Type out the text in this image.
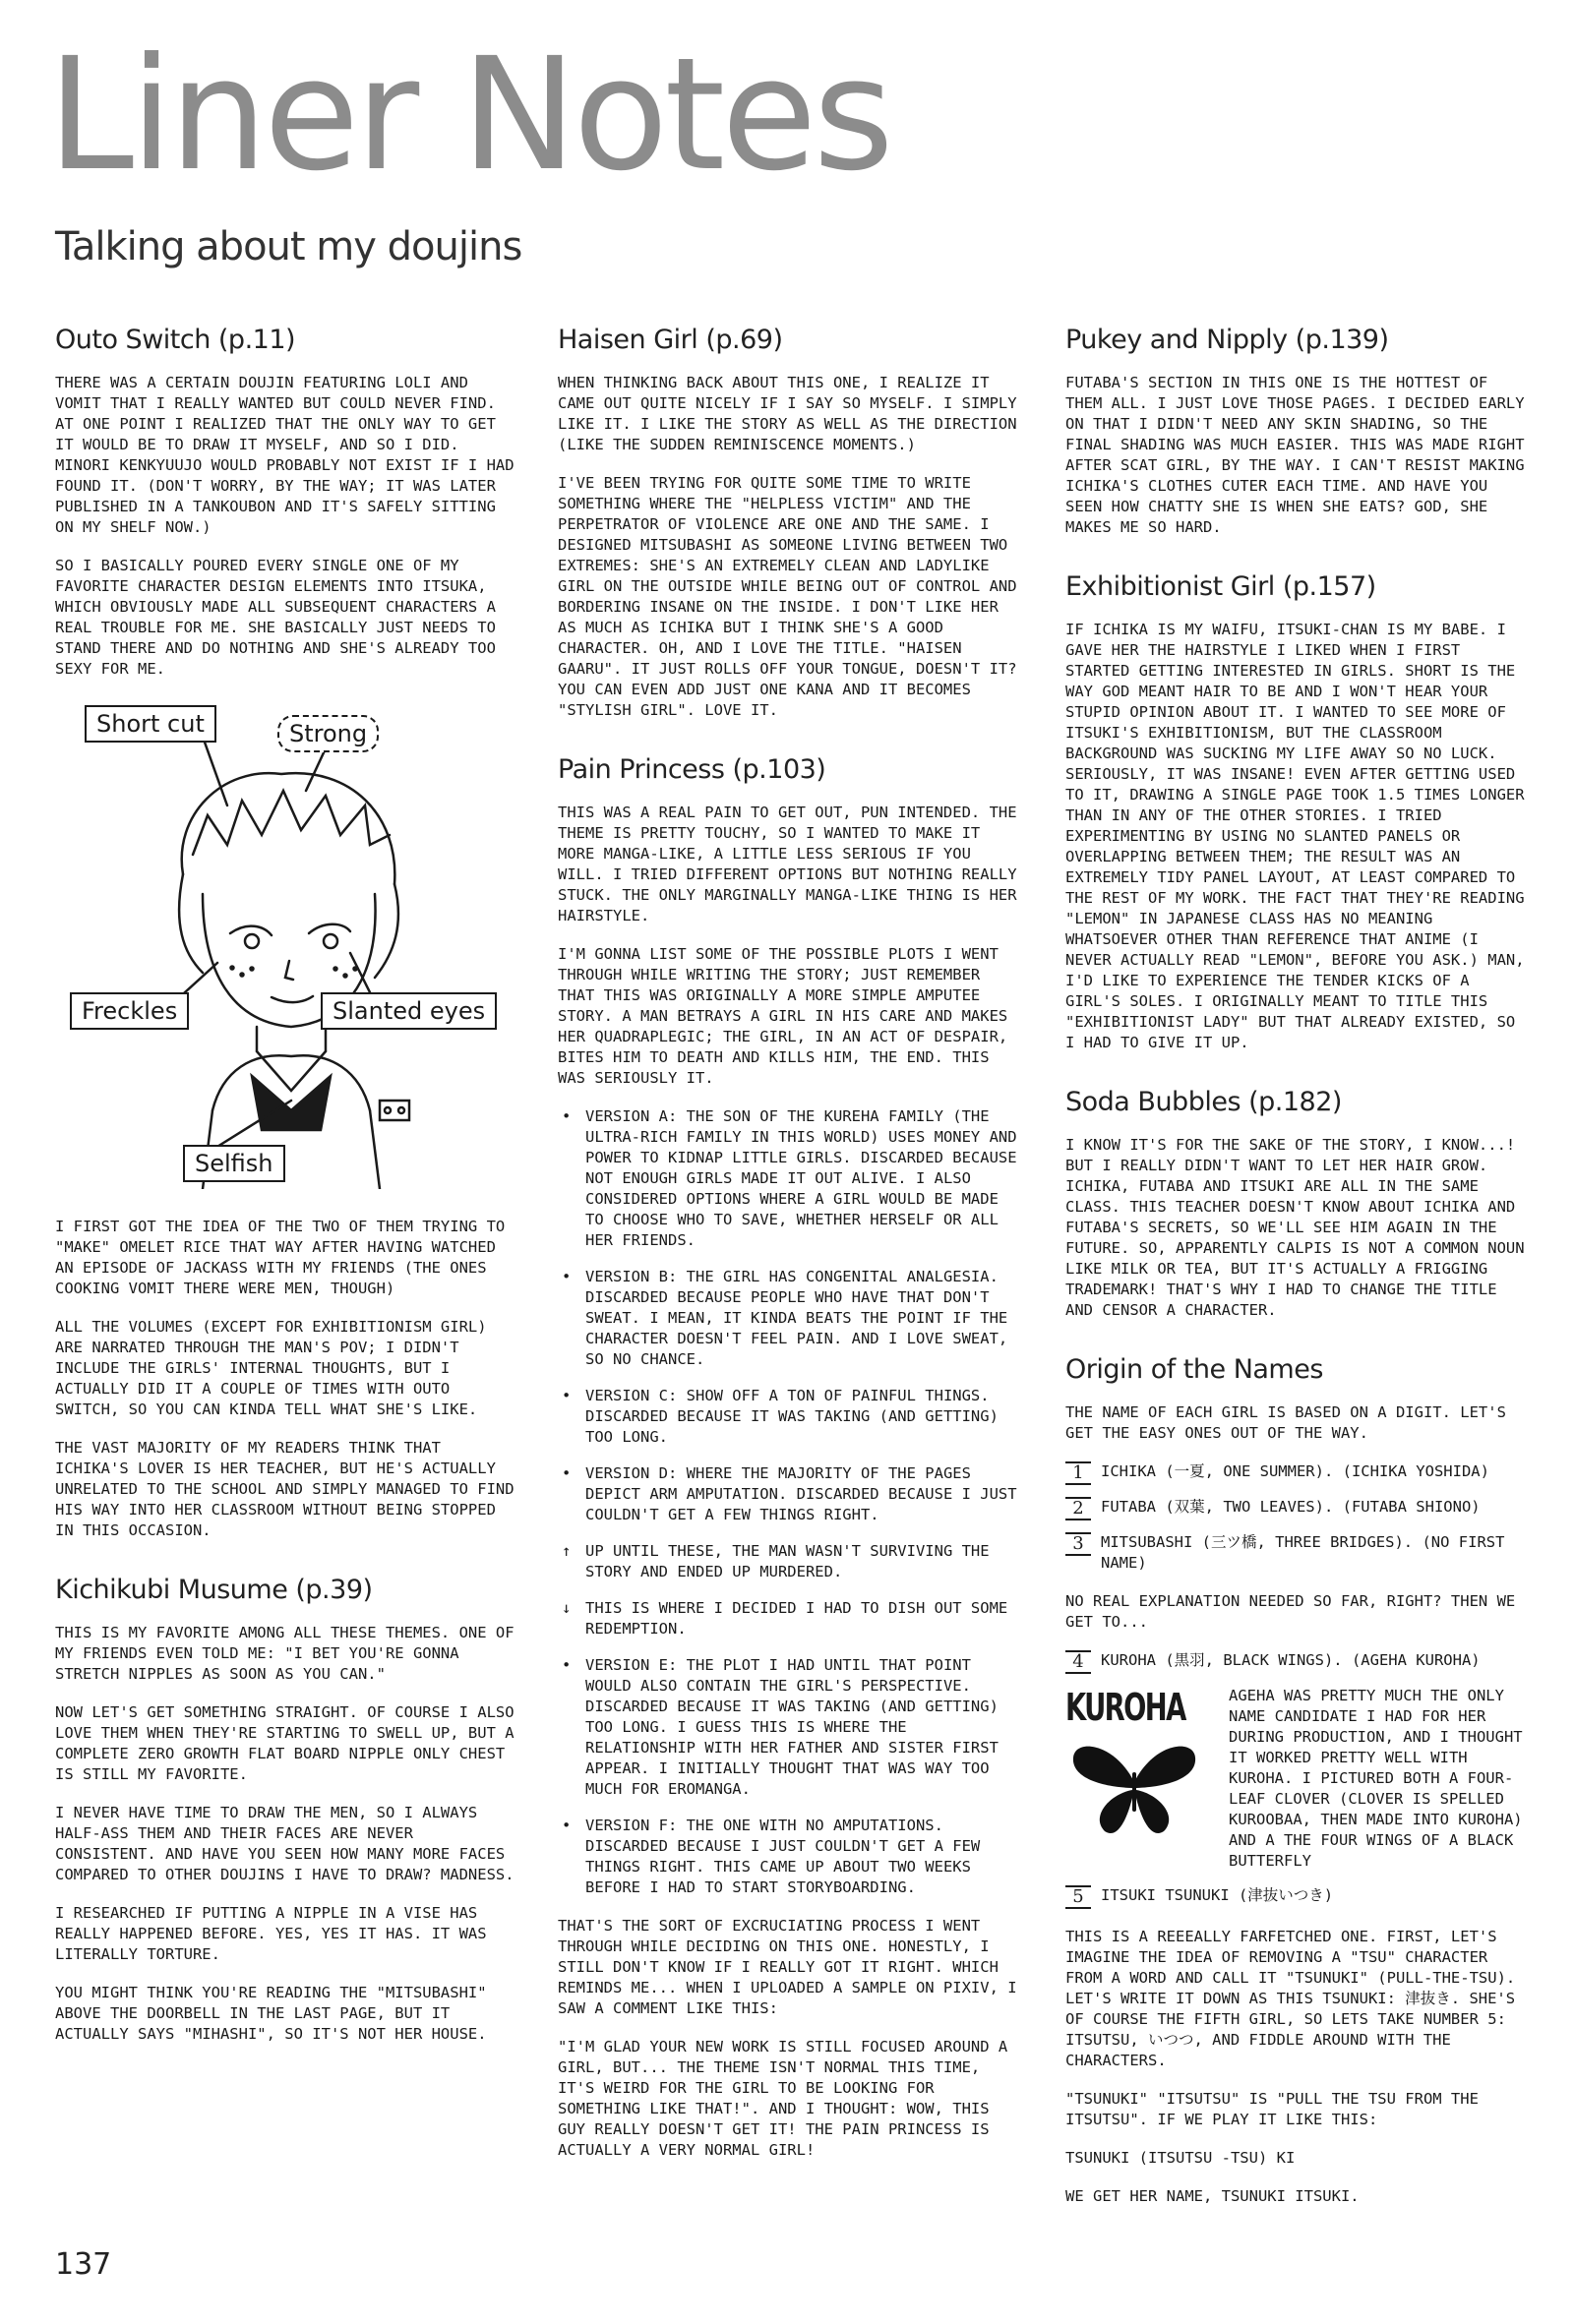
Liner Notes
Talking about my doujins
Outo Switch (p.11)

THERE WAS A CERTAIN DOUJIN FEATURING LOLI AND VOMIT THAT I REALLY WANTED BUT COULD NEVER FIND. AT ONE POINT I REALIZED THAT THE ONLY WAY TO GET IT WOULD BE TO DRAW IT MYSELF, AND SO I DID. MINORI KENKYUUJO WOULD PROBABLY NOT EXIST IF I HAD FOUND IT. (DON'T WORRY, BY THE WAY; IT WAS LATER PUBLISHED IN A TANKOUBON AND IT'S SAFELY SITTING ON MY SHELF NOW.)

SO I BASICALLY POURED EVERY SINGLE ONE OF MY FAVORITE CHARACTER DESIGN ELEMENTS INTO ITSUKA, WHICH OBVIOUSLY MADE ALL SUBSEQUENT CHARACTERS A REAL TROUBLE FOR ME. SHE BASICALLY JUST NEEDS TO STAND THERE AND DO NOTHING AND SHE'S ALREADY TOO SEXY FOR ME.

Short cut	Strong
Freckles	Slanted eyes
Selfish

I FIRST GOT THE IDEA OF THE TWO OF THEM TRYING TO "MAKE" OMELET RICE THAT WAY AFTER HAVING WATCHED AN EPISODE OF JACKASS WITH MY FRIENDS (THE ONES COOKING VOMIT THERE WERE MEN, THOUGH)

ALL THE VOLUMES (EXCEPT FOR EXHIBITIONISM GIRL) ARE NARRATED THROUGH THE MAN'S POV; I DIDN'T INCLUDE THE GIRLS' INTERNAL THOUGHTS, BUT I ACTUALLY DID IT A COUPLE OF TIMES WITH OUTO SWITCH, SO YOU CAN KINDA TELL WHAT SHE'S LIKE.

THE VAST MAJORITY OF MY READERS THINK THAT ICHIKA'S LOVER IS HER TEACHER, BUT HE'S ACTUALLY UNRELATED TO THE SCHOOL AND SIMPLY MANAGED TO FIND HIS WAY INTO HER CLASSROOM WITHOUT BEING STOPPED IN THIS OCCASION.

Kichikubi Musume (p.39)

THIS IS MY FAVORITE AMONG ALL THESE THEMES. ONE OF MY FRIENDS EVEN TOLD ME: "I BET YOU'RE GONNA STRETCH NIPPLES AS SOON AS YOU CAN."

NOW LET'S GET SOMETHING STRAIGHT. OF COURSE I ALSO LOVE THEM WHEN THEY'RE STARTING TO SWELL UP, BUT A COMPLETE ZERO GROWTH FLAT BOARD NIPPLE ONLY CHEST IS STILL MY FAVORITE.

I NEVER HAVE TIME TO DRAW THE MEN, SO I ALWAYS HALF-ASS THEM AND THEIR FACES ARE NEVER CONSISTENT. AND HAVE YOU SEEN HOW MANY MORE FACES COMPARED TO OTHER DOUJINS I HAVE TO DRAW? MADNESS.

I RESEARCHED IF PUTTING A NIPPLE IN A VISE HAS REALLY HAPPENED BEFORE. YES, YES IT HAS. IT WAS LITERALLY TORTURE.

YOU MIGHT THINK YOU'RE READING THE "MITSUBASHI" ABOVE THE DOORBELL IN THE LAST PAGE, BUT IT ACTUALLY SAYS "MIHASHI", SO IT'S NOT HER HOUSE.

Haisen Girl (p.69)

WHEN THINKING BACK ABOUT THIS ONE, I REALIZE IT CAME OUT QUITE NICELY IF I SAY SO MYSELF. I SIMPLY LIKE IT. I LIKE THE STORY AS WELL AS THE DIRECTION (LIKE THE SUDDEN REMINISCENCE MOMENTS.)

I'VE BEEN TRYING FOR QUITE SOME TIME TO WRITE SOMETHING WHERE THE "HELPLESS VICTIM" AND THE PERPETRATOR OF VIOLENCE ARE ONE AND THE SAME. I DESIGNED MITSUBASHI AS SOMEONE LIVING BETWEEN TWO EXTREMES: SHE'S AN EXTREMELY CLEAN AND LADYLIKE GIRL ON THE OUTSIDE WHILE BEING OUT OF CONTROL AND BORDERING INSANE ON THE INSIDE. I DON'T LIKE HER AS MUCH AS ICHIKA BUT I THINK SHE'S A GOOD CHARACTER. OH, AND I LOVE THE TITLE. "HAISEN GAARU". IT JUST ROLLS OFF YOUR TONGUE, DOESN'T IT? YOU CAN EVEN ADD JUST ONE KANA AND IT BECOMES "STYLISH GIRL". LOVE IT.

Pain Princess (p.103)

THIS WAS A REAL PAIN TO GET OUT, PUN INTENDED. THE THEME IS PRETTY TOUCHY, SO I WANTED TO MAKE IT MORE MANGA-LIKE, A LITTLE LESS SERIOUS IF YOU WILL. I TRIED DIFFERENT OPTIONS BUT NOTHING REALLY STUCK. THE ONLY MARGINALLY MANGA-LIKE THING IS HER HAIRSTYLE.

I'M GONNA LIST SOME OF THE POSSIBLE PLOTS I WENT THROUGH WHILE WRITING THE STORY; JUST REMEMBER THAT THIS WAS ORIGINALLY A MORE SIMPLE AMPUTEE STORY. A MAN BETRAYS A GIRL IN HIS CARE AND MAKES HER QUADRAPLEGIC; THE GIRL, IN AN ACT OF DESPAIR, BITES HIM TO DEATH AND KILLS HIM, THE END. THIS WAS SERIOUSLY IT.

• VERSION A: THE SON OF THE KUREHA FAMILY (THE ULTRA-RICH FAMILY IN THIS WORLD) USES MONEY AND POWER TO KIDNAP LITTLE GIRLS. DISCARDED BECAUSE NOT ENOUGH GIRLS MADE IT OUT ALIVE. I ALSO CONSIDERED OPTIONS WHERE A GIRL WOULD BE MADE TO CHOOSE WHO TO SAVE, WHETHER HERSELF OR ALL HER FRIENDS.
• VERSION B: THE GIRL HAS CONGENITAL ANALGESIA. DISCARDED BECAUSE PEOPLE WHO HAVE THAT DON'T SWEAT. I MEAN, IT KINDA BEATS THE POINT IF THE CHARACTER DOESN'T FEEL PAIN. AND I LOVE SWEAT, SO NO CHANCE.
• VERSION C: SHOW OFF A TON OF PAINFUL THINGS. DISCARDED BECAUSE IT WAS TAKING (AND GETTING) TOO LONG.
• VERSION D: WHERE THE MAJORITY OF THE PAGES DEPICT ARM AMPUTATION. DISCARDED BECAUSE I JUST COULDN'T GET A FEW THINGS RIGHT.
↑ UP UNTIL THESE, THE MAN WASN'T SURVIVING THE STORY AND ENDED UP MURDERED.
↓ THIS IS WHERE I DECIDED I HAD TO DISH OUT SOME REDEMPTION.
• VERSION E: THE PLOT I HAD UNTIL THAT POINT WOULD ALSO CONTAIN THE GIRL'S PERSPECTIVE. DISCARDED BECAUSE IT WAS TAKING (AND GETTING) TOO LONG. I GUESS THIS IS WHERE THE RELATIONSHIP WITH HER FATHER AND SISTER FIRST APPEAR. I INITIALLY THOUGHT THAT WAS WAY TOO MUCH FOR EROMANGA.
• VERSION F: THE ONE WITH NO AMPUTATIONS. DISCARDED BECAUSE I JUST COULDN'T GET A FEW THINGS RIGHT. THIS CAME UP ABOUT TWO WEEKS BEFORE I HAD TO START STORYBOARDING.

THAT'S THE SORT OF EXCRUCIATING PROCESS I WENT THROUGH WHILE DECIDING ON THIS ONE. HONESTLY, I STILL DON'T KNOW IF I REALLY GOT IT RIGHT. WHICH REMINDS ME... WHEN I UPLOADED A SAMPLE ON PIXIV, I SAW A COMMENT LIKE THIS:

"I'M GLAD YOUR NEW WORK IS STILL FOCUSED AROUND A GIRL, BUT... THE THEME ISN'T NORMAL THIS TIME, IT'S WEIRD FOR THE GIRL TO BE LOOKING FOR SOMETHING LIKE THAT!". AND I THOUGHT: WOW, THIS GUY REALLY DOESN'T GET IT! THE PAIN PRINCESS IS ACTUALLY A VERY NORMAL GIRL!

Pukey and Nipply (p.139)

FUTABA'S SECTION IN THIS ONE IS THE HOTTEST OF THEM ALL. I JUST LOVE THOSE PAGES. I DECIDED EARLY ON THAT I DIDN'T NEED ANY SKIN SHADING, SO THE FINAL SHADING WAS MUCH EASIER. THIS WAS MADE RIGHT AFTER SCAT GIRL, BY THE WAY. I CAN'T RESIST MAKING ICHIKA'S CLOTHES CUTER EACH TIME. AND HAVE YOU SEEN HOW CHATTY SHE IS WHEN SHE EATS? GOD, SHE MAKES ME SO HARD.

Exhibitionist Girl (p.157)

IF ICHIKA IS MY WAIFU, ITSUKI-CHAN IS MY BABE. I GAVE HER THE HAIRSTYLE I LIKED WHEN I FIRST STARTED GETTING INTERESTED IN GIRLS. SHORT IS THE WAY GOD MEANT HAIR TO BE AND I WON'T HEAR YOUR STUPID OPINION ABOUT IT. I WANTED TO SEE MORE OF ITSUKI'S EXHIBITIONISM, BUT THE CLASSROOM BACKGROUND WAS SUCKING MY LIFE AWAY SO NO LUCK. SERIOUSLY, IT WAS INSANE! EVEN AFTER GETTING USED TO IT, DRAWING A SINGLE PAGE TOOK 1.5 TIMES LONGER THAN IN ANY OF THE OTHER STORIES. I TRIED EXPERIMENTING BY USING NO SLANTED PANELS OR OVERLAPPING BETWEEN THEM; THE RESULT WAS AN EXTREMELY TIDY PANEL LAYOUT, AT LEAST COMPARED TO THE REST OF MY WORK. THE FACT THAT THEY'RE READING "LEMON" IN JAPANESE CLASS HAS NO MEANING WHATSOEVER OTHER THAN REFERENCE THAT ANIME (I NEVER ACTUALLY READ "LEMON", BEFORE YOU ASK.) MAN, I'D LIKE TO EXPERIENCE THE TENDER KICKS OF A GIRL'S SOLES. I ORIGINALLY MEANT TO TITLE THIS "EXHIBITIONIST LADY" BUT THAT ALREADY EXISTED, SO I HAD TO GIVE IT UP.

Soda Bubbles (p.182)

I KNOW IT'S FOR THE SAKE OF THE STORY, I KNOW...! BUT I REALLY DIDN'T WANT TO LET HER HAIR GROW. ICHIKA, FUTABA AND ITSUKI ARE ALL IN THE SAME CLASS. THIS TEACHER DOESN'T KNOW ABOUT ICHIKA AND FUTABA'S SECRETS, SO WE'LL SEE HIM AGAIN IN THE FUTURE. SO, APPARENTLY CALPIS IS NOT A COMMON NOUN LIKE MILK OR TEA, BUT IT'S ACTUALLY A FRIGGING TRADEMARK! THAT'S WHY I HAD TO CHANGE THE TITLE AND CENSOR A CHARACTER.

Origin of the Names

THE NAME OF EACH GIRL IS BASED ON A DIGIT. LET'S GET THE EASY ONES OUT OF THE WAY.

1	ICHIKA (一夏, ONE SUMMER). (ICHIKA YOSHIDA)

2	FUTABA (双葉, TWO LEAVES). (FUTABA SHIONO)

3	MITSUBASHI (三ツ橋, THREE BRIDGES). (NO FIRST NAME)

NO REAL EXPLANATION NEEDED SO FAR, RIGHT? THEN WE GET TO...

4	KUROHA (黒羽, BLACK WINGS). (AGEHA KUROHA)

KUROHA	AGEHA WAS PRETTY MUCH THE ONLY NAME CANDIDATE I HAD FOR HER DURING PRODUCTION, AND I THOUGHT IT WORKED PRETTY WELL WITH KUROHA. I PICTURED BOTH A FOUR-LEAF CLOVER (CLOVER IS SPELLED KUROOBAA, THEN MADE INTO KUROHA) AND A THE FOUR WINGS OF A BLACK BUTTERFLY

5	ITSUKI TSUNUKI (津抜いつき)

THIS IS A REEEALLY FARFETCHED ONE. FIRST, LET'S IMAGINE THE IDEA OF REMOVING A "TSU" CHARACTER FROM A WORD AND CALL IT "TSUNUKI" (PULL-THE-TSU). LET'S WRITE IT DOWN AS THIS TSUNUKI: 津抜き. SHE'S OF COURSE THE FIFTH GIRL, SO LETS TAKE NUMBER 5: ITSUTSU, いつつ, AND FIDDLE AROUND WITH THE CHARACTERS.

"TSUNUKI" "ITSUTSU" IS "PULL THE TSU FROM THE ITSUTSU". IF WE PLAY IT LIKE THIS:

TSUNUKI (ITSUTSU -TSU) KI

WE GET HER NAME, TSUNUKI ITSUKI.

137
